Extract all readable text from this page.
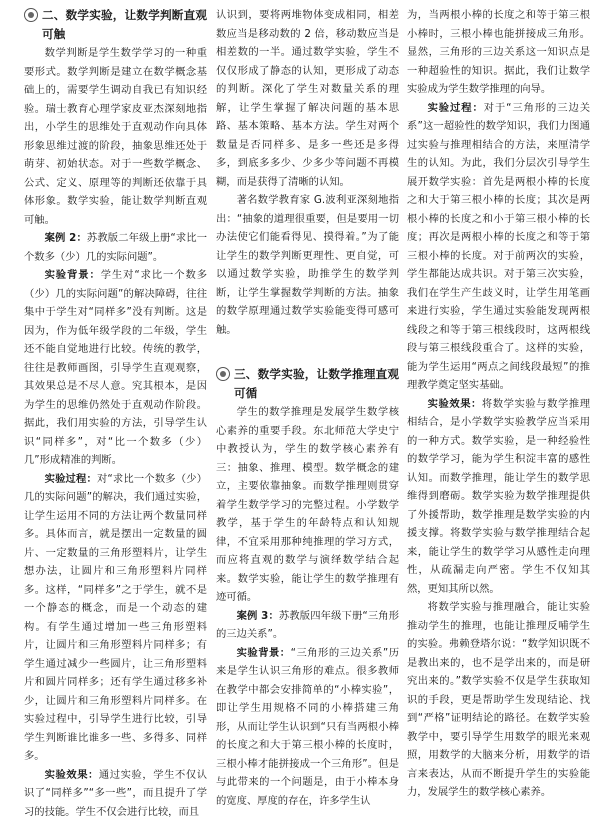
二、数学实验，让数学判断直观可触

数学判断是学生数学学习的一种重要形式。数学判断是建立在数学概念基础上的，需要学生调动自我已有知识经验。瑞士教育心理学家皮亚杰深刻地指出，小学生的思维处于直观动作向具体形象思维过渡的阶段，抽象思维还处于萌芽、初始状态。对于一些数学概念、公式、定义、原理等的判断还依靠于具体形象。数学实验，能让数学判断直观可触。

案例 2：苏教版二年级上册“求比一个数多（少）几的实际问题”。

实验背景：学生对“求比一个数多（少）几的实际问题”的解决障碍，往往集中于学生对“同样多”没有判断。这是因为，作为低年级学段的二年级，学生还不能自觉地进行比较。传统的教学，往往是教师画图，引导学生直观观察，其效果总是不尽人意。究其根本，是因为学生的思维仍然处于直观动作阶段。据此，我们用实验的方法，引导学生认识“同样多”，对“比一个数多（少）几”形成精准的判断。

实验过程：对“求比一个数多（少）几的实际问题”的解决，我们通过实验，让学生运用不同的方法让两个数量同样多。具体而言，就是摆出一定数量的圆片、一定数量的三角形塑料片，让学生想办法，让圆片和三角形塑料片同样多。这样，“同样多”之于学生，就不是一个静态的概念，而是一个动态的建构。有学生通过增加一些三角形塑料片，让圆片和三角形塑料片同样多；有学生通过减少一些圆片，让三角形塑料片和圆片同样多；还有学生通过移多补少，让圆片和三角形塑料片同样多。在实验过程中，引导学生进行比较，引导学生判断谁比谁多一些、多得多、同样多。

实验效果：通过实验，学生不仅认识了“同样多”“多一些”，而且提升了学习的技能。学生不仅会进行比较，而且

认识到，要将两堆物体变成相同，相差数应当是移动数的 2 倍，移动数应当是相差数的一半。通过数学实验，学生不仅仅形成了静态的认知，更形成了动态的判断。深化了学生对数量关系的理解，让学生掌握了解决问题的基本思路、基本策略、基本方法。学生对两个数量是否同样多、是多一些还是多得多，到底多多少、少多少等问题不再模糊，而是获得了清晰的认知。

著名数学教育家 G.波利亚深刻地指出：“抽象的道理很重要，但是要用一切办法使它们能看得见、摸得着。”为了能让学生的数学判断更理性、更自觉，可以通过数学实验，助推学生的数学判断，让学生掌握数学判断的方法。抽象的数学原理通过数学实验能变得可感可触。

三、数学实验，让数学推理直观可循

学生的数学推理是发展学生数学核心素养的重要手段。东北师范大学史宁中教授认为，学生的数学核心素养有三：抽象、推理、模型。数学概念的建立，主要依靠抽象。而数学推理则贯穿着学生数学学习的完整过程。小学数学教学，基于学生的年龄特点和认知规律，不宜采用那种纯推理的学习方式，而应将直观的数学与演绎数学结合起来。数学实验，能让学生的数学推理有迹可循。

案例 3：苏教版四年级下册“三角形的三边关系”。

实验背景：“三角形的三边关系”历来是学生认识三角形的难点。很多教师在教学中都会安排简单的“小棒实验”，即让学生用规格不同的小棒搭建三角形，从而让学生认识到“只有当两根小棒的长度之和大于第三根小棒的长度时，三根小棒才能拼接成一个三角形”。但是与此带来的一个问题是，由于小棒本身的宽度、厚度的存在，许多学生认

为，当两根小棒的长度之和等于第三根小棒时，三根小棒也能拼接成三角形。显然，三角形的三边关系这一知识点是一种超验性的知识。据此，我们让数学实验成为学生数学推理的向导。

实验过程：对于“三角形的三边关系”这一超验性的数学知识，我们力图通过实验与推理相结合的方法，来厘清学生的认知。为此，我们分层次引导学生展开数学实验：首先是两根小棒的长度之和大于第三根小棒的长度；其次是两根小棒的长度之和小于第三根小棒的长度；再次是两根小棒的长度之和等于第三根小棒的长度。对于前两次的实验，学生都能达成共识。对于第三次实验，我们在学生产生歧义时，让学生用笔画来进行实验，学生通过实验能发现两根线段之和等于第三根线段时，这两根线段与第三根线段重合了。这样的实验，能为学生运用“两点之间线段最短”的推理教学奠定坚实基础。

实验效果：将数学实验与数学推理相结合，是小学数学实验教学应当采用的一种方式。数学实验，是一种经验性的数学学习，能为学生积淀丰富的感性认知。而数学推理，能让学生的数学思维得到磨砺。数学实验为数学推理提供了外援帮助，数学推理是数学实验的内援支撑。将数学实验与数学推理结合起来，能让学生的数学学习从感性走向理性，从疏漏走向严密。学生不仅知其然，更知其所以然。

将数学实验与推理融合，能让实验推动学生的推理，也能让推理反哺学生的实验。弗赖登塔尔说：“数学知识既不是教出来的，也不是学出来的，而是研究出来的。”数学实验不仅是学生获取知识的手段，更是帮助学生发现结论、找到“严格”证明结论的路径。在数学实验教学中，要引导学生用数学的眼光来观照，用数学的大脑来分析，用数学的语言来表达，从而不断提升学生的实验能力，发展学生的数学核心素养。
